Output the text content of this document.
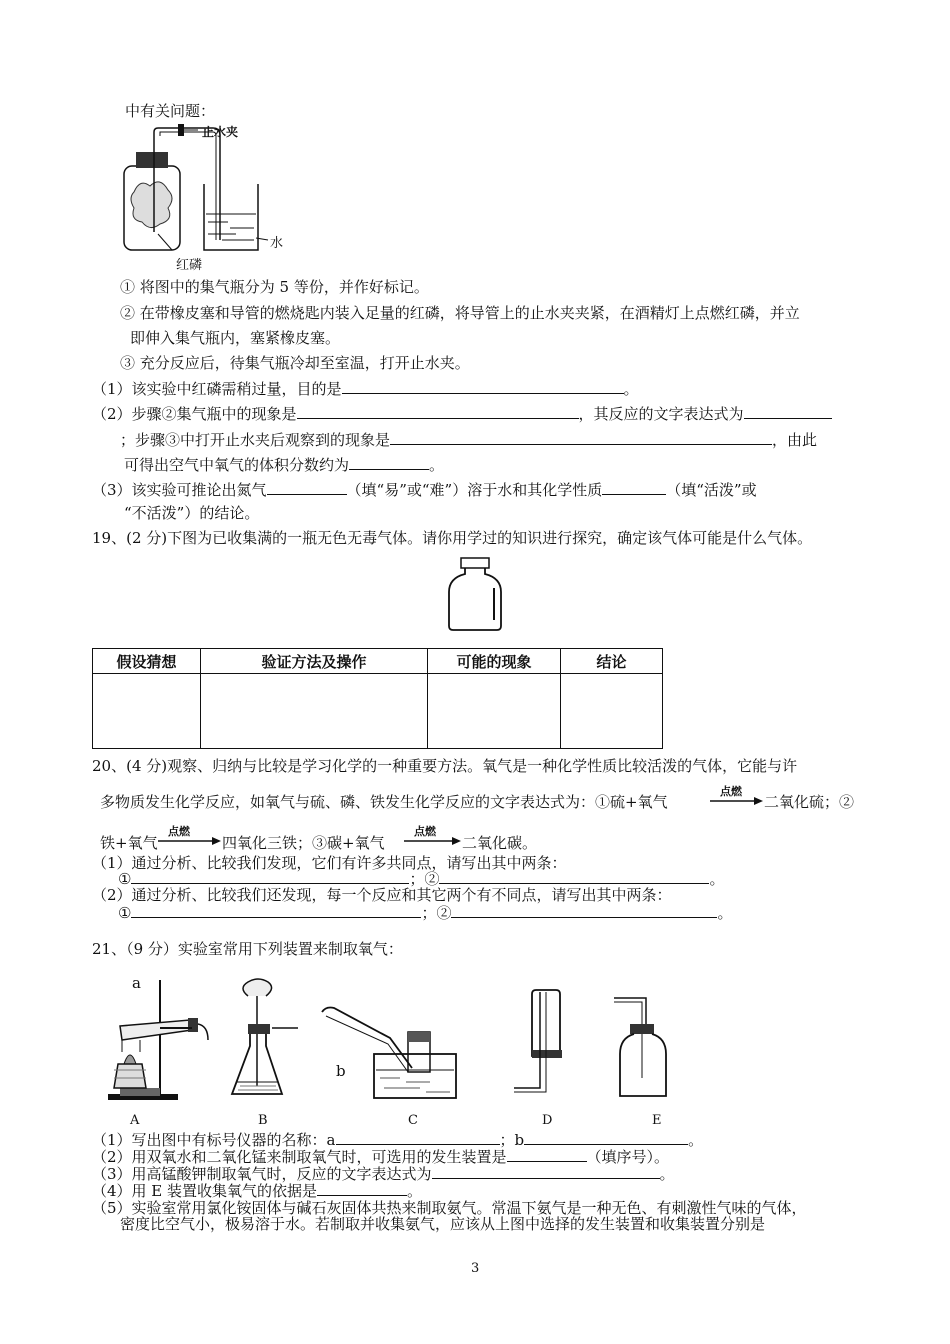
中有关问题：
止水夹
水
红磷
① 将图中的集气瓶分为 5 等份，并作好标记。
② 在带橡皮塞和导管的燃烧匙内装入足量的红磷，将导管上的止水夹夹紧，在酒精灯上点燃红磷，并立
即伸入集气瓶内，塞紧橡皮塞。
③ 充分反应后，待集气瓶冷却至室温，打开止水夹。
（1）该实验中红磷需稍过量，目的是	。
（2）步骤②集气瓶中的现象是	，其反应的文字表达式为
；步骤③中打开止水夹后观察到的现象是	，由此
可得出空气中氧气的体积分数约为	。
（3）该实验可推论出氮气	（填“易”或“难”）溶于水和其化学性质	（填“活泼”或
“不活泼”）的结论。
19、(2 分)下图为已收集满的一瓶无色无毒气体。请你用学过的知识进行探究，确定该气体可能是什么气体。
假设猜想	验证方法及操作	可能的现象	结论

20、(4 分)观察、归纳与比较是学习化学的一种重要方法。氧气是一种化学性质比较活泼的气体，它能与许
多物质发生化学反应，如氧气与硫、磷、铁发生化学反应的文字表达式为：①硫+氧气
点燃
→ 二氧化硫；②
铁+氧气
点燃
四氧化三铁；③碳+氧气
点燃
→ 二氧化碳。
（1）通过分析、比较我们发现，它们有许多共同点，请写出其中两条：
①	；②	。
（2）通过分析、比较我们还发现，每一个反应和其它两个有不同点，请写出其中两条：
①	；②	。
21、（9 分）实验室常用下列装置来制取氧气：
a
b
A	B	C	D	E
（1）写出图中有标号仪器的名称：a	；b	。
（2）用双氧水和二氧化锰来制取氧气时，可选用的发生装置是	（填序号）。
（3）用高锰酸钾制取氧气时，反应的文字表达式为	。
（4）用 E 装置收集氧气的依据是	。
（5）实验室常用氯化铵固体与碱石灰固体共热来制取氨气。常温下氨气是一种无色、有刺激性气味的气体，
密度比空气小，极易溶于水。若制取并收集氨气，应该从上图中选择的发生装置和收集装置分别是
3
